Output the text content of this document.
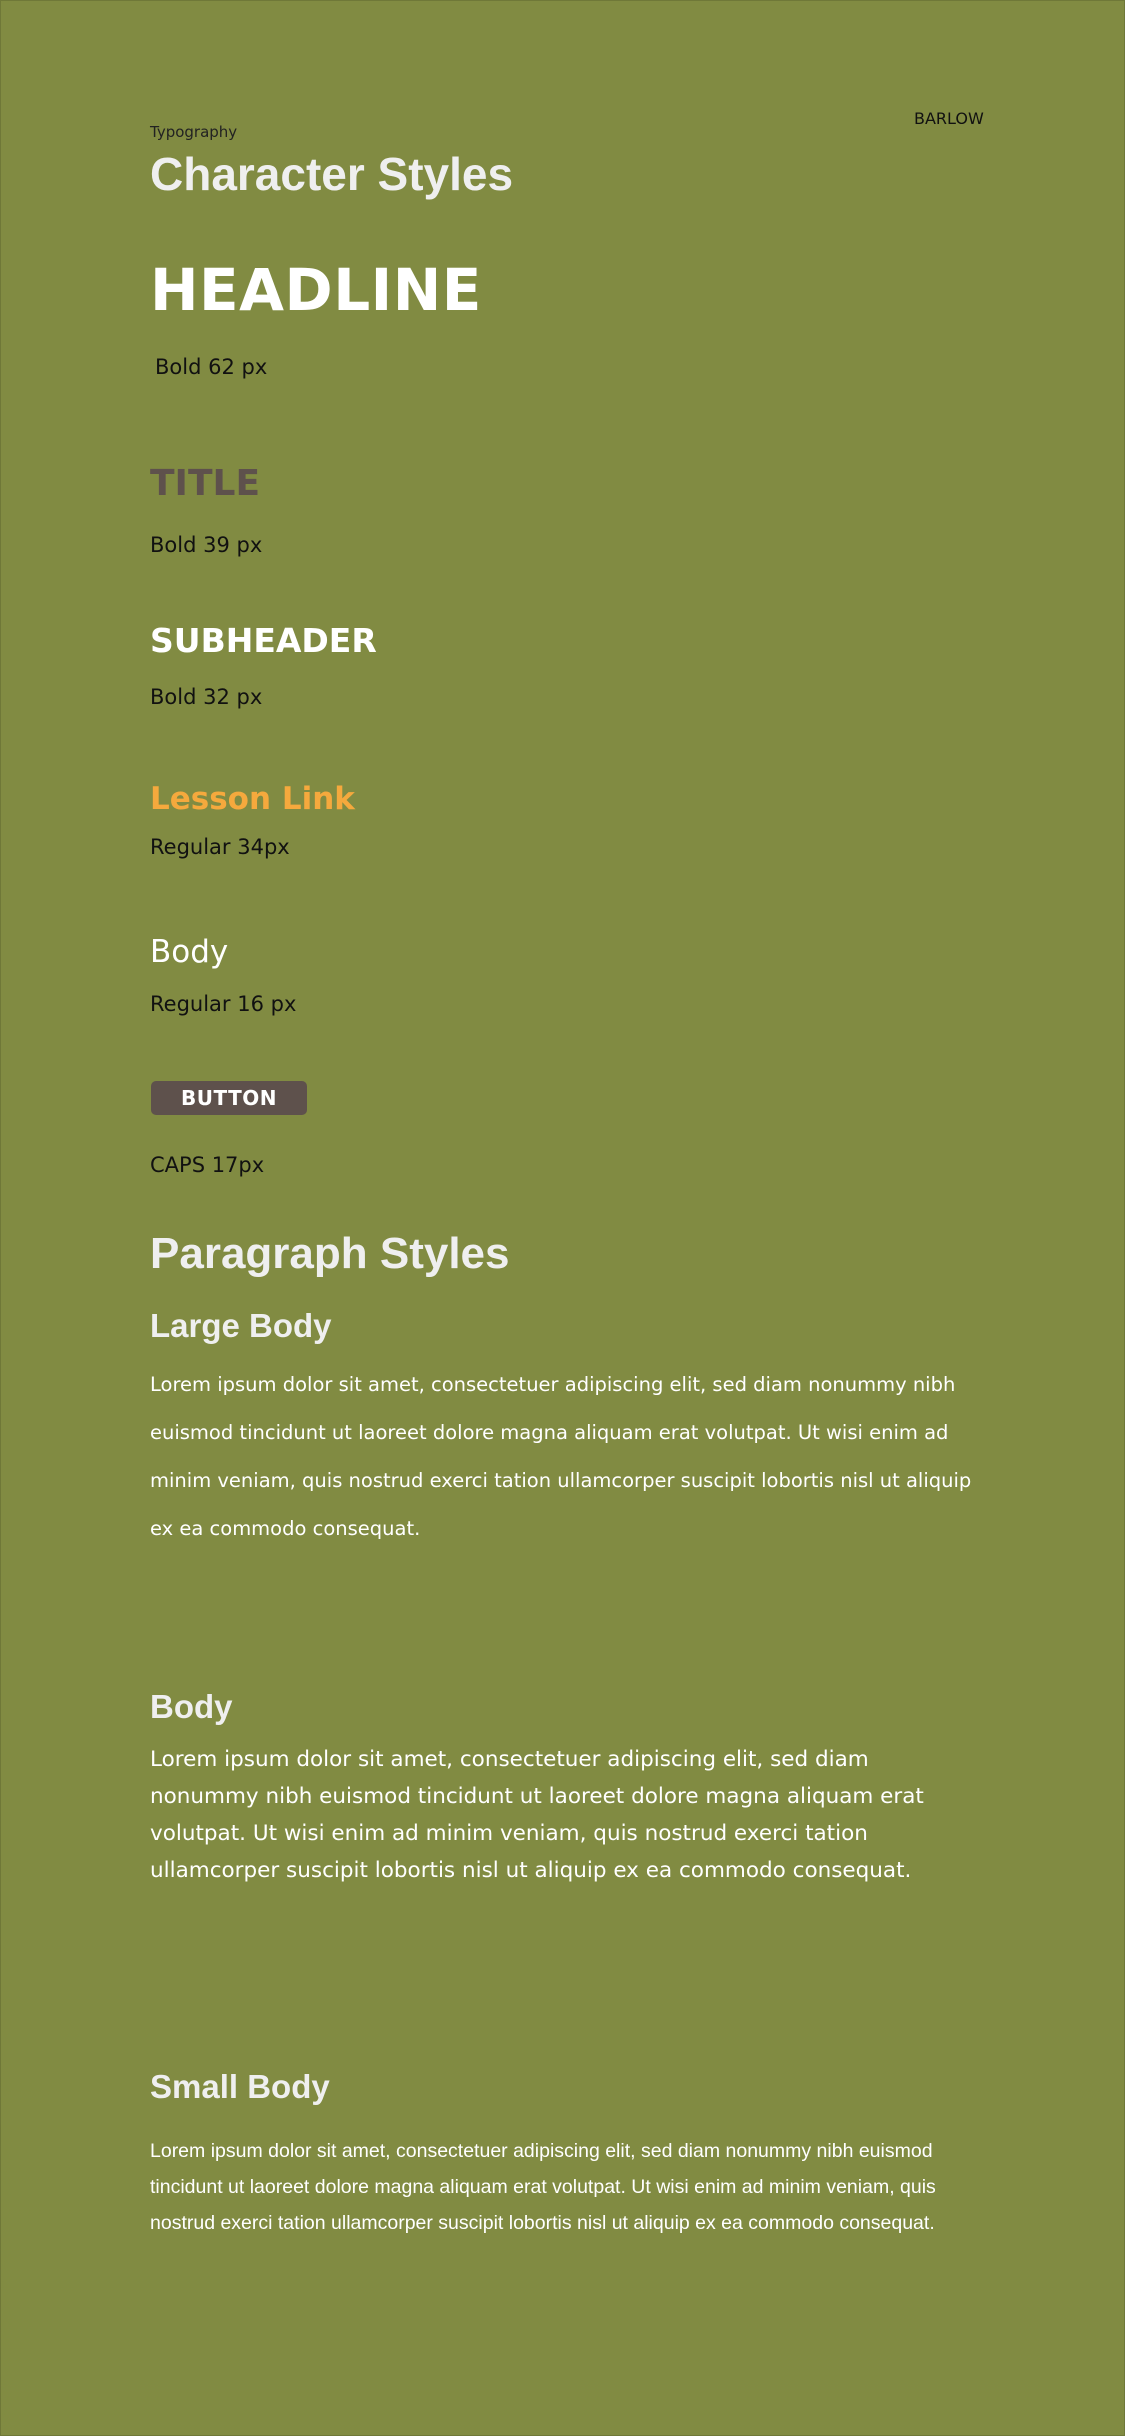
BARLOW

Typography

Character Styles
HEADLINE

Bold 62 px

TITLE

Bold 39 px

SUBHEADER

Bold 32 px

Lesson Link

Regular 34px

Body

Regular 16 px

BUTTON

CAPS 17px

Paragraph Styles
Large Body

Lorem ipsum dolor sit amet, consectetuer adipiscing elit, sed diam nonummy nibh euismod tincidunt ut laoreet dolore magna aliquam erat volutpat. Ut wisi enim ad minim veniam, quis nostrud exerci tation ullamcorper suscipit lobortis nisl ut aliquip ex ea commodo consequat.

Body

Lorem ipsum dolor sit amet, consectetuer adipiscing elit, sed diam nonummy nibh euismod tincidunt ut laoreet dolore magna aliquam erat volutpat. Ut wisi enim ad minim veniam, quis nostrud exerci tation ullamcorper suscipit lobortis nisl ut aliquip ex ea commodo consequat.

Small Body

Lorem ipsum dolor sit amet, consectetuer adipiscing elit, sed diam nonummy nibh euismod tincidunt ut laoreet dolore magna aliquam erat volutpat. Ut wisi enim ad minim veniam, quis nostrud exerci tation ullamcorper suscipit lobortis nisl ut aliquip ex ea commodo consequat.
